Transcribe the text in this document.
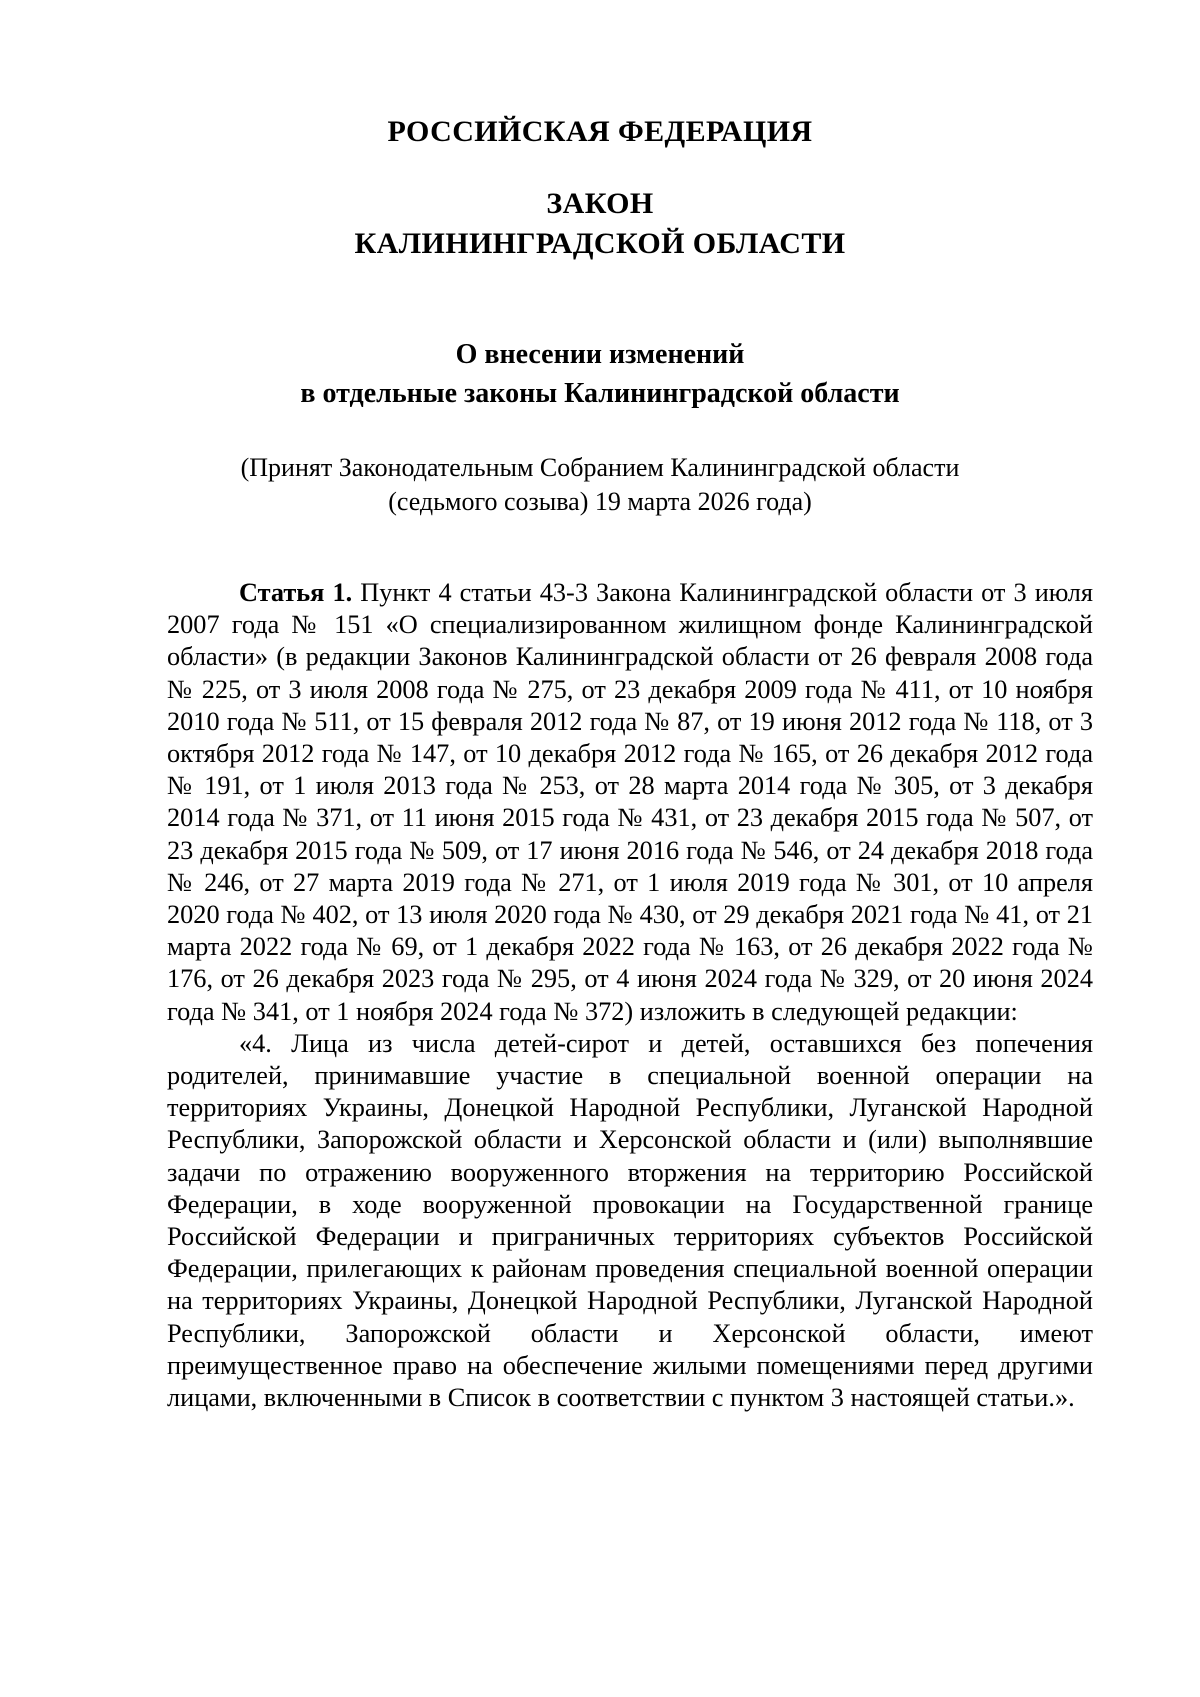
РОССИЙСКАЯ ФЕДЕРАЦИЯ
ЗАКОН
КАЛИНИНГРАДСКОЙ ОБЛАСТИ
О внесении изменений
в отдельные законы Калининградской области
(Принят Законодательным Собранием Калининградской области
(седьмого созыва) 19 марта 2026 года)

Статья 1. Пункт 4 статьи 43-3 Закона Калининградской области от 3 июля 2007 года № 151 «О специализированном жилищном фонде Калининградской области» (в редакции Законов Калининградской области от 26 февраля 2008 года № 225, от 3 июля 2008 года № 275, от 23 декабря 2009 года № 411, от 10 ноября 2010 года № 511, от 15 февраля 2012 года № 87, от 19 июня 2012 года № 118, от 3 октября 2012 года № 147, от 10 декабря 2012 года № 165, от 26 декабря 2012 года № 191, от 1 июля 2013 года № 253, от 28 марта 2014 года № 305, от 3 декабря 2014 года № 371, от 11 июня 2015 года № 431, от 23 декабря 2015 года № 507, от 23 декабря 2015 года № 509, от 17 июня 2016 года № 546, от 24 декабря 2018 года № 246, от 27 марта 2019 года № 271, от 1 июля 2019 года № 301, от 10 апреля 2020 года № 402, от 13 июля 2020 года № 430, от 29 декабря 2021 года № 41, от 21 марта 2022 года № 69, от 1 декабря 2022 года № 163, от 26 декабря 2022 года № 176, от 26 декабря 2023 года № 295, от 4 июня 2024 года № 329, от 20 июня 2024 года № 341, от 1 ноября 2024 года № 372) изложить в следующей редакции:

«4. Лица из числа детей-сирот и детей, оставшихся без попечения родителей, принимавшие участие в специальной военной операции на территориях Украины, Донецкой Народной Республики, Луганской Народной Республики, Запорожской области и Херсонской области и (или) выполнявшие задачи по отражению вооруженного вторжения на территорию Российской Федерации, в ходе вооруженной провокации на Государственной границе Российской Федерации и приграничных территориях субъектов Российской Федерации, прилегающих к районам проведения специальной военной операции на территориях Украины, Донецкой Народной Республики, Луганской Народной Республики, Запорожской области и Херсонской области, имеют преимущественное право на обеспечение жилыми помещениями перед другими лицами, включенными в Список в соответствии с пунктом 3 настоящей статьи.».
